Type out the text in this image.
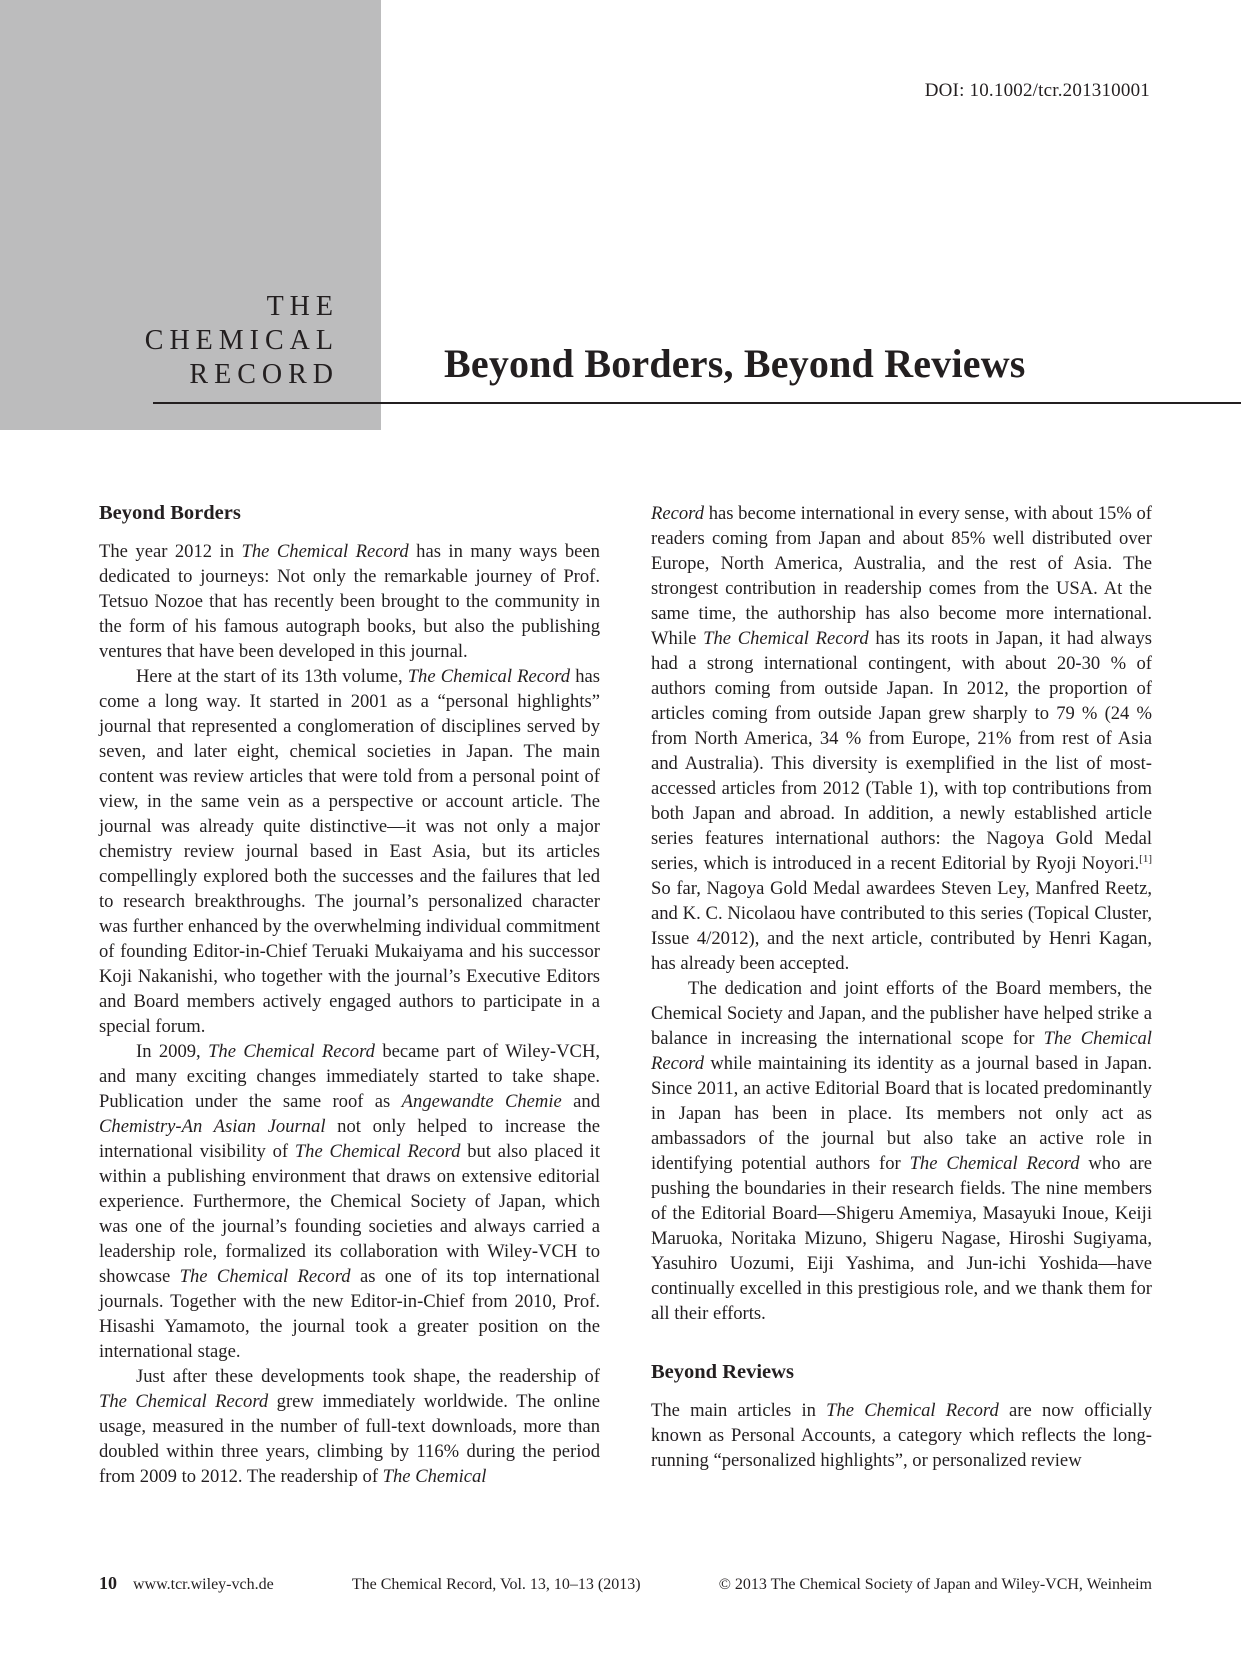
DOI: 10.1002/tcr.201310001
THE
CHEMICAL
RECORD	Beyond Borders, Beyond Reviews
Beyond Borders

The year 2012 in The Chemical Record has in many ways been dedicated to journeys: Not only the remarkable journey of Prof. Tetsuo Nozoe that has recently been brought to the community in the form of his famous autograph books, but also the publishing ventures that have been developed in this journal.

Here at the start of its 13th volume, The Chemical Record has come a long way. It started in 2001 as a “personal highlights” journal that represented a conglomeration of disciplines served by seven, and later eight, chemical societies in Japan. The main content was review articles that were told from a personal point of view, in the same vein as a perspective or account article. The journal was already quite distinctive—it was not only a major chemistry review journal based in East Asia, but its articles compellingly explored both the successes and the failures that led to research breakthroughs. The journal’s personalized character was further enhanced by the overwhelming individual commitment of founding Editor-in-Chief Teruaki Mukaiyama and his successor Koji Nakanishi, who together with the journal’s Executive Editors and Board members actively engaged authors to participate in a special forum.

In 2009, The Chemical Record became part of Wiley-VCH, and many exciting changes immediately started to take shape. Publication under the same roof as Angewandte Chemie and Chemistry-An Asian Journal not only helped to increase the international visibility of The Chemical Record but also placed it within a publishing environment that draws on extensive editorial experience. Furthermore, the Chemical Society of Japan, which was one of the journal’s founding societies and always carried a leadership role, formalized its collaboration with Wiley-VCH to showcase The Chemical Record as one of its top international journals. Together with the new Editor-in-Chief from 2010, Prof. Hisashi Yamamoto, the journal took a greater position on the international stage.

Just after these developments took shape, the readership of The Chemical Record grew immediately worldwide. The online usage, measured in the number of full-text downloads, more than doubled within three years, climbing by 116% during the period from 2009 to 2012. The readership of The Chemical

Record has become international in every sense, with about 15% of readers coming from Japan and about 85% well distributed over Europe, North America, Australia, and the rest of Asia. The strongest contribution in readership comes from the USA. At the same time, the authorship has also become more international. While The Chemical Record has its roots in Japan, it had always had a strong international contingent, with about 20-30 % of authors coming from outside Japan. In 2012, the proportion of articles coming from outside Japan grew sharply to 79 % (24 % from North America, 34 % from Europe, 21% from rest of Asia and Australia). This diversity is exemplified in the list of most-accessed articles from 2012 (Table 1), with top contributions from both Japan and abroad. In addition, a newly established article series features international authors: the Nagoya Gold Medal series, which is introduced in a recent Editorial by Ryoji Noyori.[1] So far, Nagoya Gold Medal awardees Steven Ley, Manfred Reetz, and K. C. Nicolaou have contributed to this series (Topical Cluster, Issue 4/2012), and the next article, contributed by Henri Kagan, has already been accepted.

The dedication and joint efforts of the Board members, the Chemical Society and Japan, and the publisher have helped strike a balance in increasing the international scope for The Chemical Record while maintaining its identity as a journal based in Japan. Since 2011, an active Editorial Board that is located predominantly in Japan has been in place. Its members not only act as ambassadors of the journal but also take an active role in identifying potential authors for The Chemical Record who are pushing the boundaries in their research fields. The nine members of the Editorial Board—Shigeru Amemiya, Masayuki Inoue, Keiji Maruoka, Noritaka Mizuno, Shigeru Nagase, Hiroshi Sugiyama, Yasuhiro Uozumi, Eiji Yashima, and Jun-ichi Yoshida—have continually excelled in this prestigious role, and we thank them for all their efforts.

Beyond Reviews

The main articles in The Chemical Record are now officially known as Personal Accounts, a category which reflects the long-running “personalized highlights”, or personalized review

10 www.tcr.wiley-vch.de	The Chemical Record, Vol. 13, 10–13 (2013)	© 2013 The Chemical Society of Japan and Wiley-VCH, Weinheim
